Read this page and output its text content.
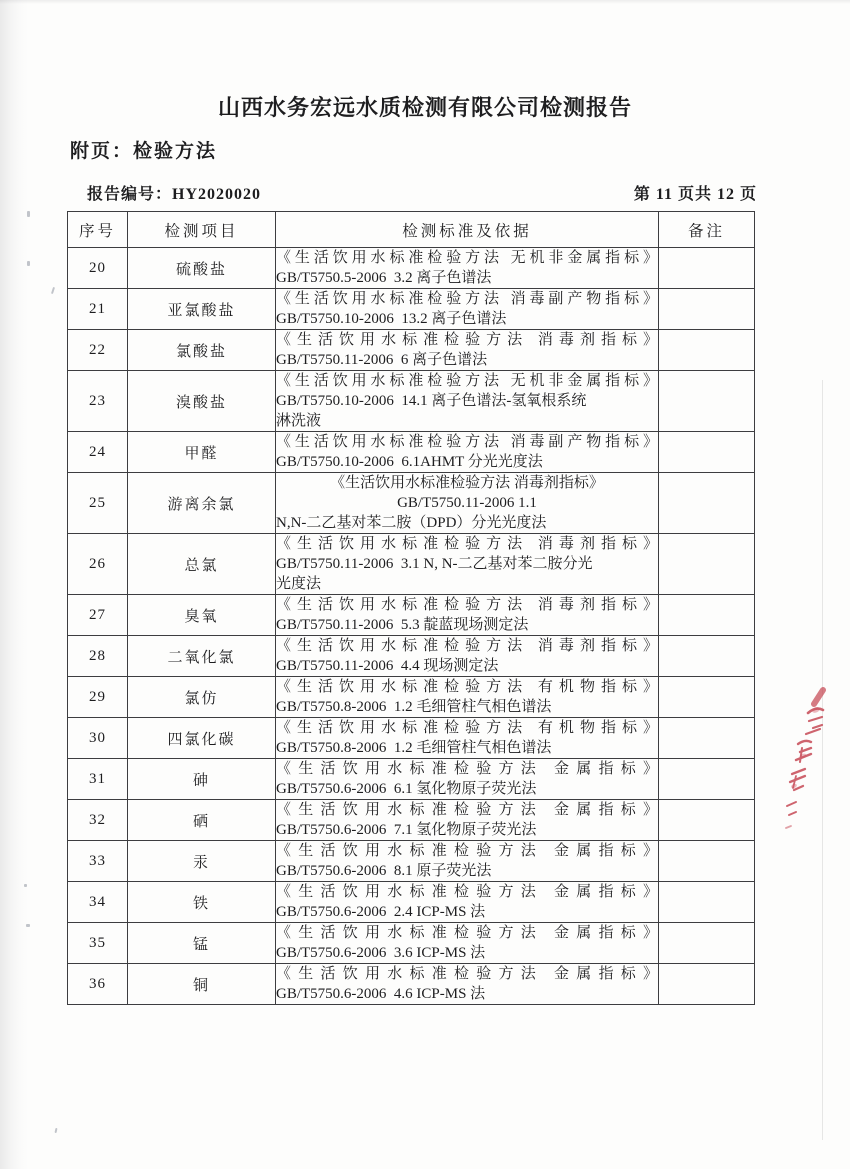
山西水务宏远水质检测有限公司检测报告
附页：检验方法
报告编号：HY2020020	第 11 页共 12 页
序号	检测项目	检测标准及依据	备注
20	硫酸盐	《生活饮用水标准检验方法 无机非金属指标》
GB/T5750.5-2006  3.2 离子色谱法	

21	亚氯酸盐	《生活饮用水标准检验方法 消毒副产物指标》
GB/T5750.10-2006  13.2 离子色谱法	

22	氯酸盐	《生活饮用水标准检验方法 消毒剂指标》
GB/T5750.11-2006  6 离子色谱法	

23	溴酸盐	《生活饮用水标准检验方法 无机非金属指标》
GB/T5750.10-2006  14.1 离子色谱法-氢氧根系统
淋洗液	

24	甲醛	《生活饮用水标准检验方法 消毒副产物指标》
GB/T5750.10-2006  6.1AHMT 分光光度法	

25	游离余氯	《生活饮用水标准检验方法 消毒剂指标》
GB/T5750.11-2006 1.1
N,N-二乙基对苯二胺（DPD）分光光度法	

26	总氯	《生活饮用水标准检验方法 消毒剂指标》
GB/T5750.11-2006  3.1 N, N-二乙基对苯二胺分光
光度法	

27	臭氧	《生活饮用水标准检验方法 消毒剂指标》
GB/T5750.11-2006  5.3 靛蓝现场测定法	

28	二氧化氯	《生活饮用水标准检验方法 消毒剂指标》
GB/T5750.11-2006  4.4 现场测定法	

29	氯仿	《生活饮用水标准检验方法 有机物指标》
GB/T5750.8-2006  1.2 毛细管柱气相色谱法	

30	四氯化碳	《生活饮用水标准检验方法 有机物指标》
GB/T5750.8-2006  1.2 毛细管柱气相色谱法	

31	砷	《生活饮用水标准检验方法 金属指标》
GB/T5750.6-2006  6.1 氢化物原子荧光法	

32	硒	《生活饮用水标准检验方法 金属指标》
GB/T5750.6-2006  7.1 氢化物原子荧光法	

33	汞	《生活饮用水标准检验方法 金属指标》
GB/T5750.6-2006  8.1 原子荧光法	

34	铁	《生活饮用水标准检验方法 金属指标》
GB/T5750.6-2006  2.4 ICP-MS 法	

35	锰	《生活饮用水标准检验方法 金属指标》
GB/T5750.6-2006  3.6 ICP-MS 法	

36	铜	《生活饮用水标准检验方法 金属指标》
GB/T5750.6-2006  4.6 ICP-MS 法	
